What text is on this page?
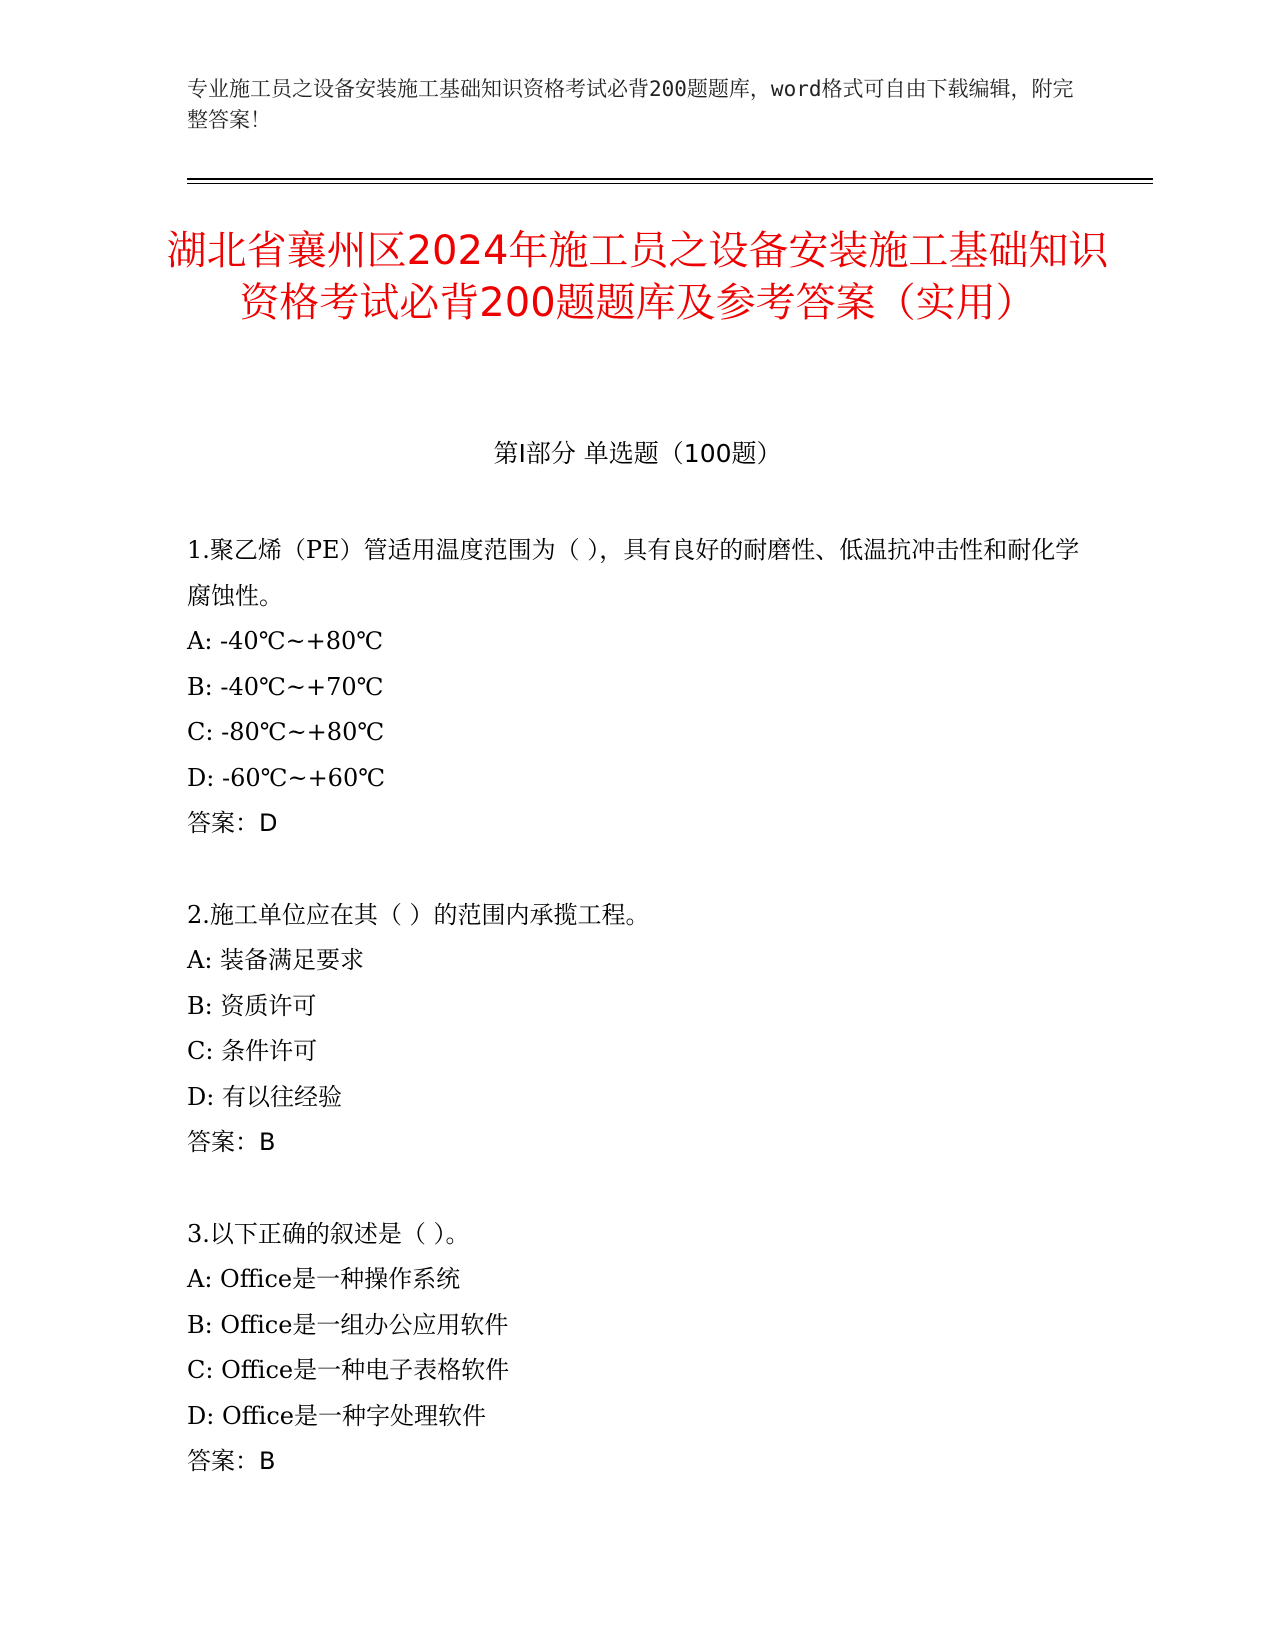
专业施工员之设备安装施工基础知识资格考试必背200题题库，word格式可自由下载编辑，附完整答案！
湖北省襄州区2024年施工员之设备安装施工基础知识资格考试必背200题题库及参考答案（实用）
第Ⅰ部分 单选题（100题）
1.聚乙烯（PE）管适用温度范围为（ ），具有良好的耐磨性、低温抗冲击性和耐化学腐蚀性。
A: -40℃~+80℃
B: -40℃~+70℃
C: -80℃~+80℃
D: -60℃~+60℃
答案：D
2.施工单位应在其（ ）的范围内承揽工程。
A: 装备满足要求
B: 资质许可
C: 条件许可
D: 有以往经验
答案：B
3.以下正确的叙述是（ ）。
A: Office是一种操作系统
B: Office是一组办公应用软件
C: Office是一种电子表格软件
D: Office是一种字处理软件
答案：B
